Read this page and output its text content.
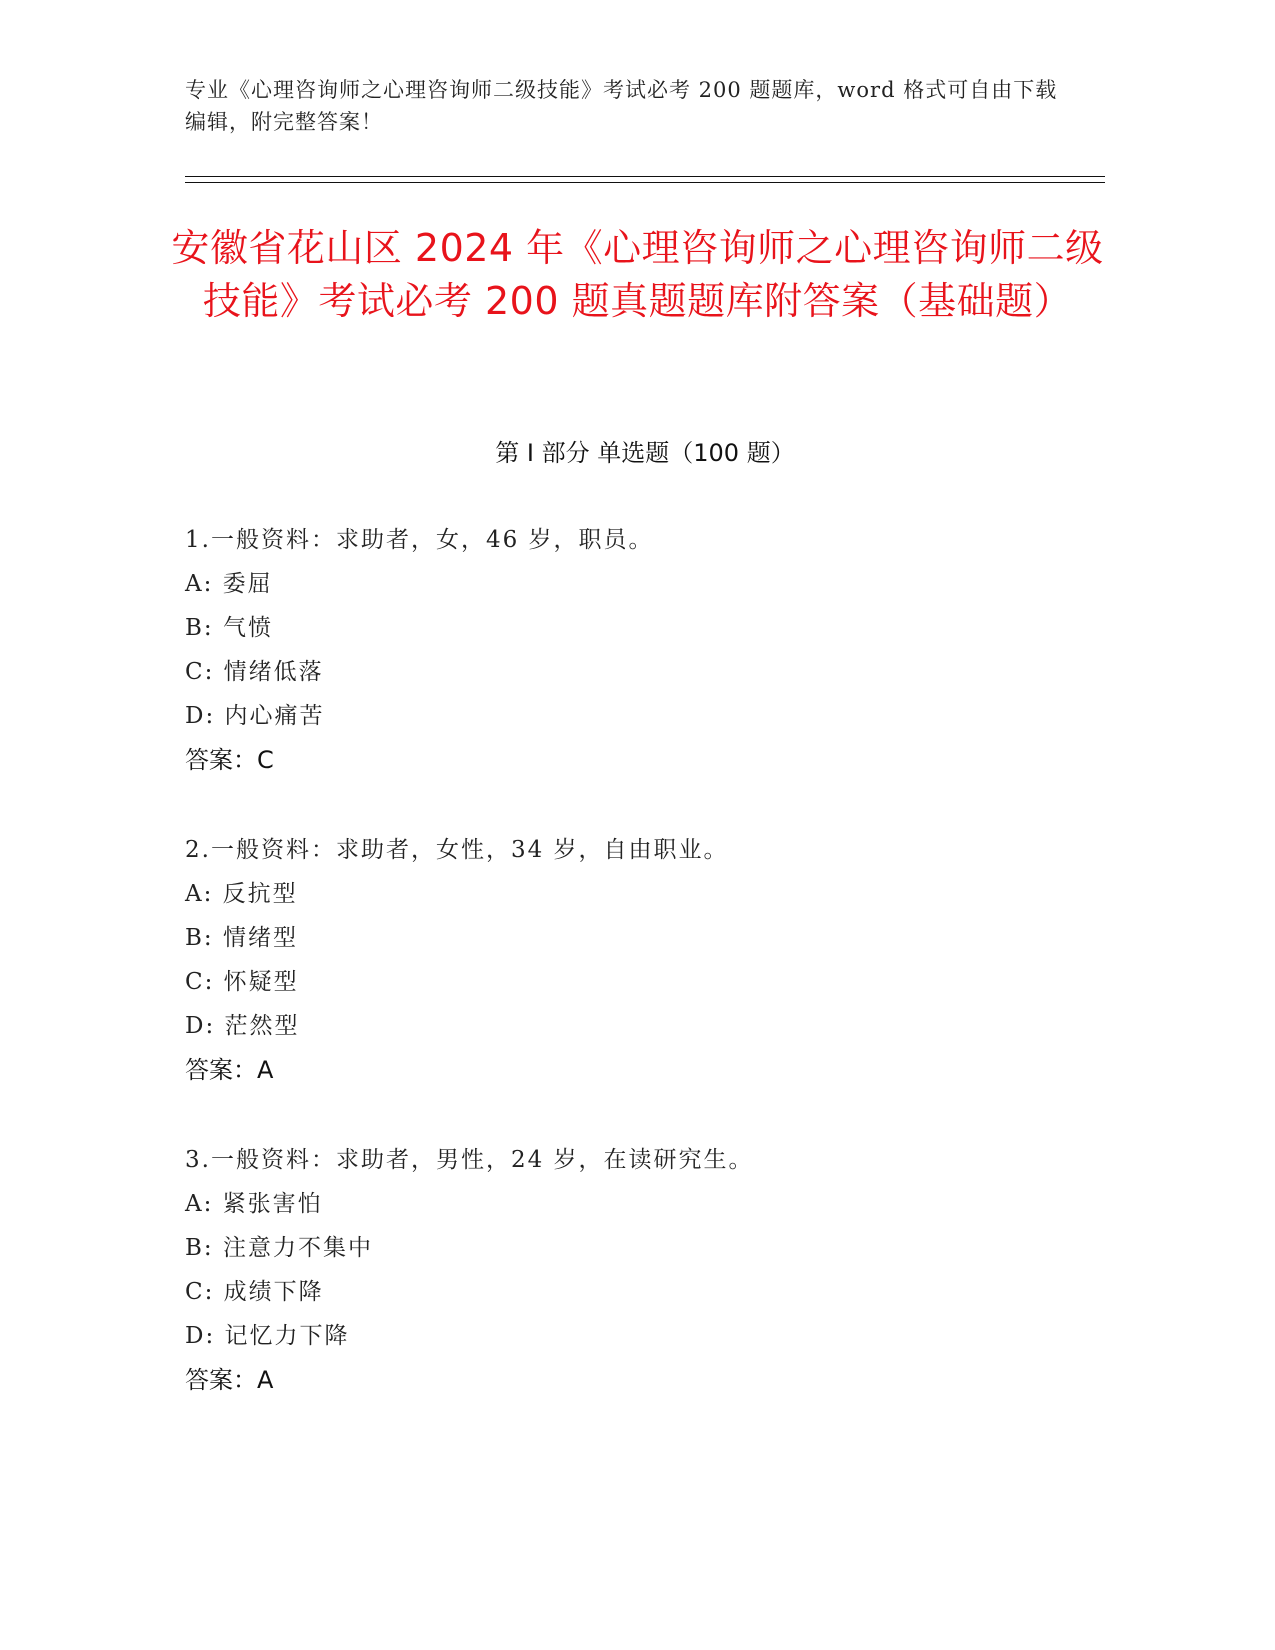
专业《心理咨询师之心理咨询师二级技能》考试必考 200 题题库，word 格式可自由下载编辑，附完整答案！
安徽省花山区 2024 年《心理咨询师之心理咨询师二级技能》考试必考 200 题真题题库附答案（基础题）
第 I 部分 单选题（100 题）
1.一般资料：求助者，女，46 岁，职员。
A: 委屈
B: 气愤
C: 情绪低落
D: 内心痛苦
答案：C
2.一般资料：求助者，女性，34 岁，自由职业。
A: 反抗型
B: 情绪型
C: 怀疑型
D: 茫然型
答案：A
3.一般资料：求助者，男性，24 岁，在读研究生。
A: 紧张害怕
B: 注意力不集中
C: 成绩下降
D: 记忆力下降
答案：A
